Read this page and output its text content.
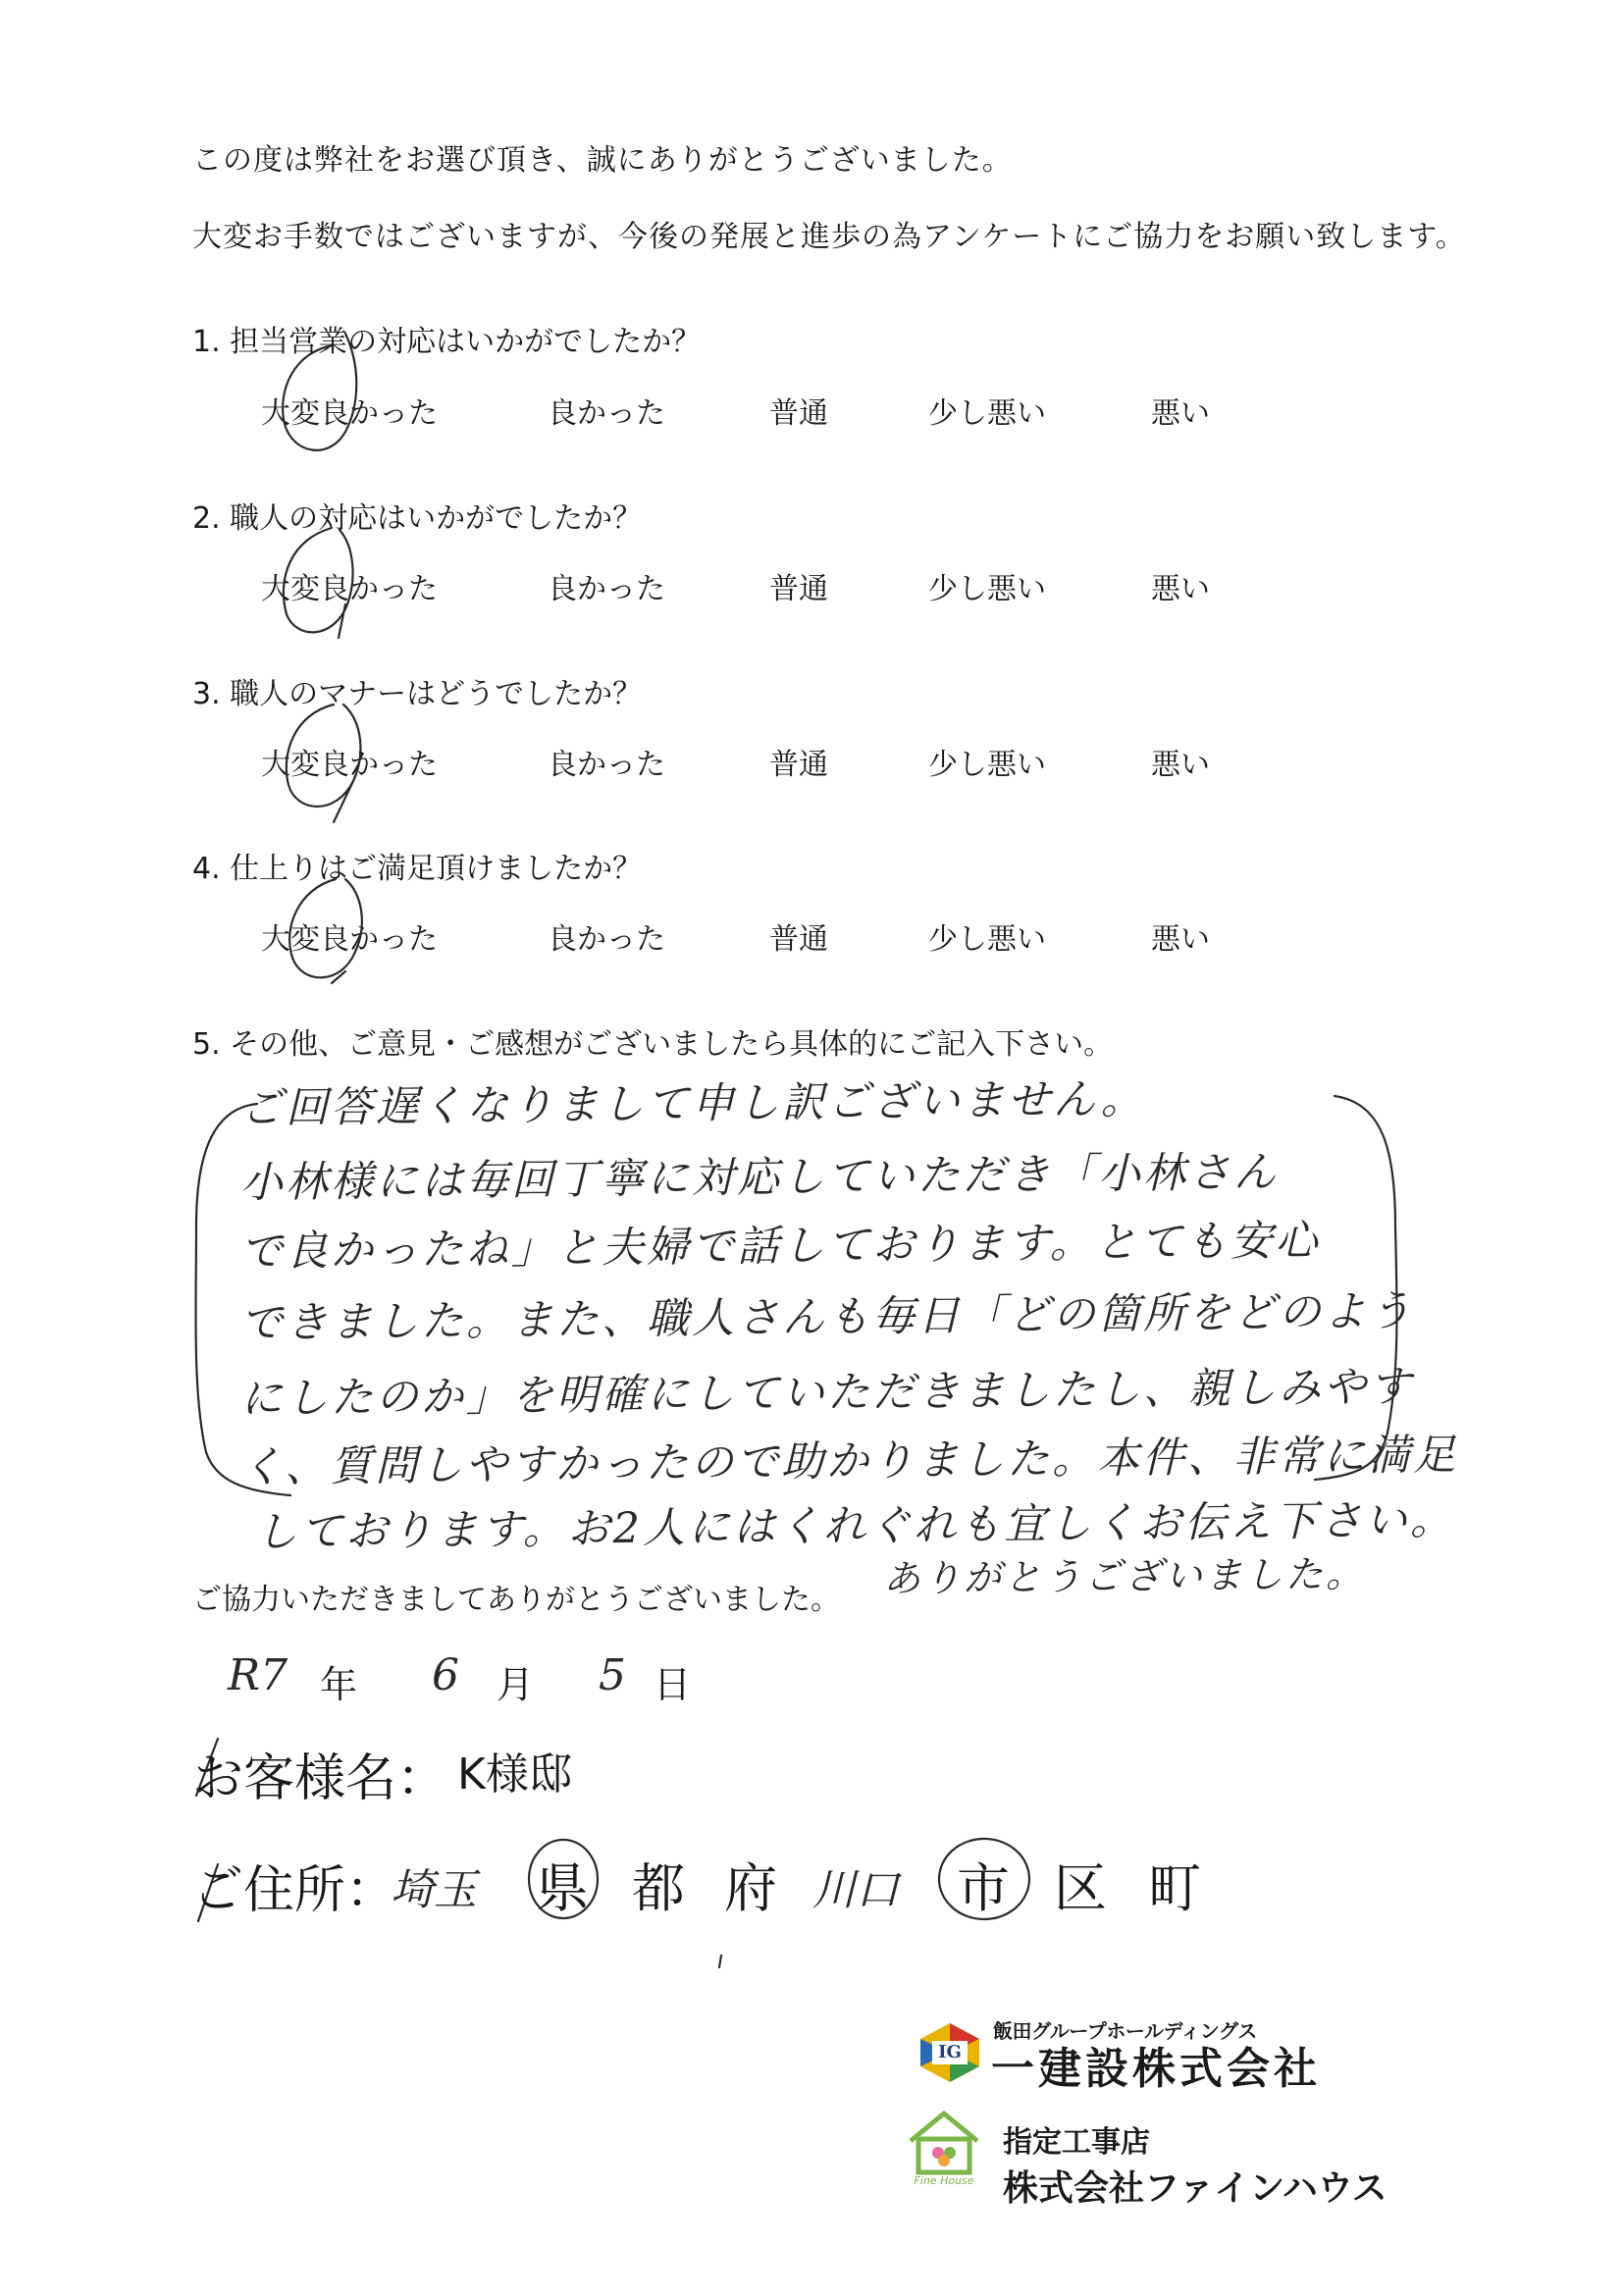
この度は弊社をお選び頂き、誠にありがとうございました。
大変お手数ではございますが、今後の発展と進歩の為アンケートにご協力をお願い致します。
1. 担当営業の対応はいかがでしたか？
大変良かった	良かった	普通	少し悪い	悪い
2. 職人の対応はいかがでしたか？
大変良かった	良かった	普通	少し悪い	悪い
3. 職人のマナーはどうでしたか？
大変良かった	良かった	普通	少し悪い	悪い
4. 仕上りはご満足頂けましたか？
大変良かった	良かった	普通	少し悪い	悪い
5. その他、ご意見・ご感想がございましたら具体的にご記入下さい。
ご回答遅くなりまして申し訳ございません。
小林様には毎回丁寧に対応していただき「小林さん
で良かったね」と夫婦で話しております。とても安心
できました。また、職人さんも毎日「どの箇所をどのよう
にしたのか」を明確にしていただきましたし、親しみやす
く、質問しやすかったので助かりました。本件、非常に満足
しております。お2人にはくれぐれも宜しくお伝え下さい。
ありがとうございました。
ご協力いただきましてありがとうございました。
R7 年 6 月 5 日
お客様名： K様邸
ご住所：
埼玉 県 都 府 川口 市 区 町
IG
飯田グループホールディングス
一建設株式会社
Fine House
指定工事店
株式会社ファインハウス
